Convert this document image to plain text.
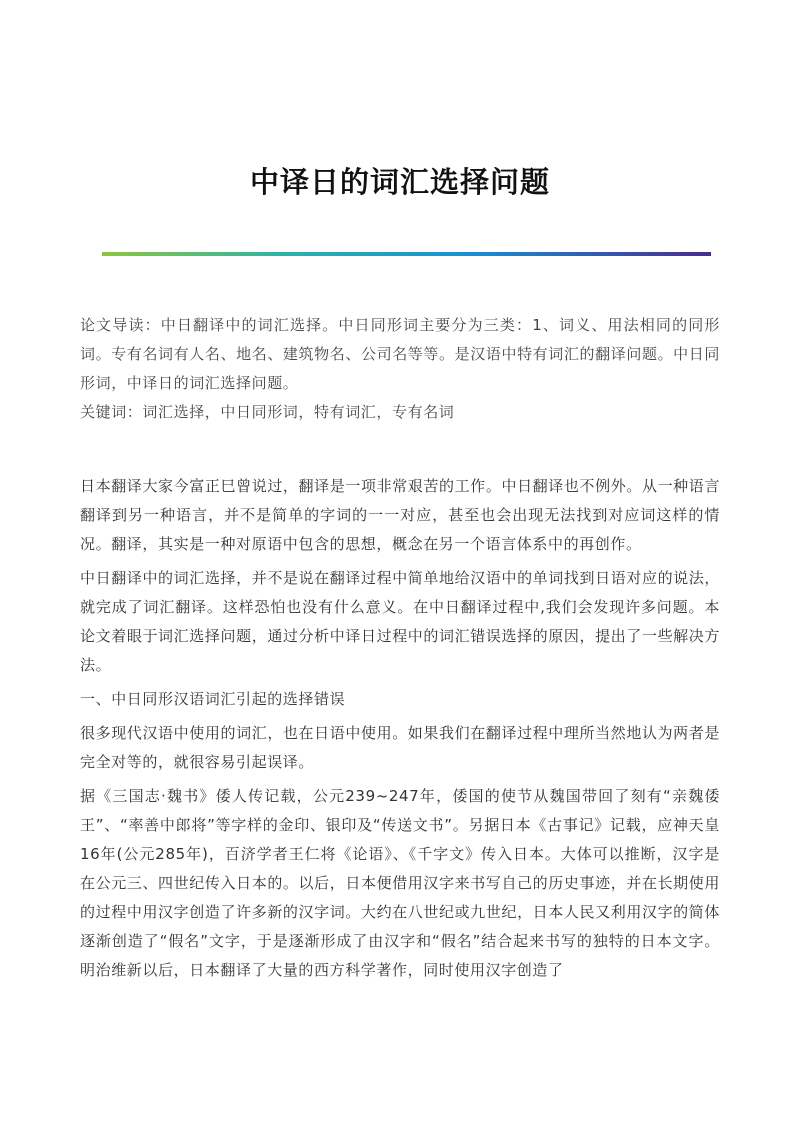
中译日的词汇选择问题

论文导读：中日翻译中的词汇选择。中日同形词主要分为三类：1、词义、用法相同的同形词。专有名词有人名、地名、建筑物名、公司名等等。是汉语中特有词汇的翻译问题。中日同形词，中译日的词汇选择问题。

关键词：词汇选择，中日同形词，特有词汇，专有名词

日本翻译大家今富正巳曾说过，翻译是一项非常艰苦的工作。中日翻译也不例外。从一种语言翻译到另一种语言，并不是简单的字词的一一对应，甚至也会出现无法找到对应词这样的情况。翻译，其实是一种对原语中包含的思想，概念在另一个语言体系中的再创作。

中日翻译中的词汇选择，并不是说在翻译过程中简单地给汉语中的单词找到日语对应的说法，就完成了词汇翻译。这样恐怕也没有什么意义。在中日翻译过程中,我们会发现许多问题。本论文着眼于词汇选择问题，通过分析中译日过程中的词汇错误选择的原因，提出了一些解决方法。

一、中日同形汉语词汇引起的选择错误

很多现代汉语中使用的词汇，也在日语中使用。如果我们在翻译过程中理所当然地认为两者是完全对等的，就很容易引起误译。

据《三国志·魏书》倭人传记载，公元239~247年，倭国的使节从魏国带回了刻有“亲魏倭王”、“率善中郎将”等字样的金印、银印及“传送文书”。另据日本《古事记》记载，应神天皇16年(公元285年)，百济学者王仁将《论语》、《千字文》传入日本。大体可以推断，汉字是在公元三、四世纪传入日本的。以后，日本便借用汉字来书写自己的历史事迹，并在长期使用的过程中用汉字创造了许多新的汉字词。大约在八世纪或九世纪，日本人民又利用汉字的简体逐渐创造了“假名”文字，于是逐渐形成了由汉字和“假名”结合起来书写的独特的日本文字。明治维新以后，日本翻译了大量的西方科学著作，同时使用汉字创造了
